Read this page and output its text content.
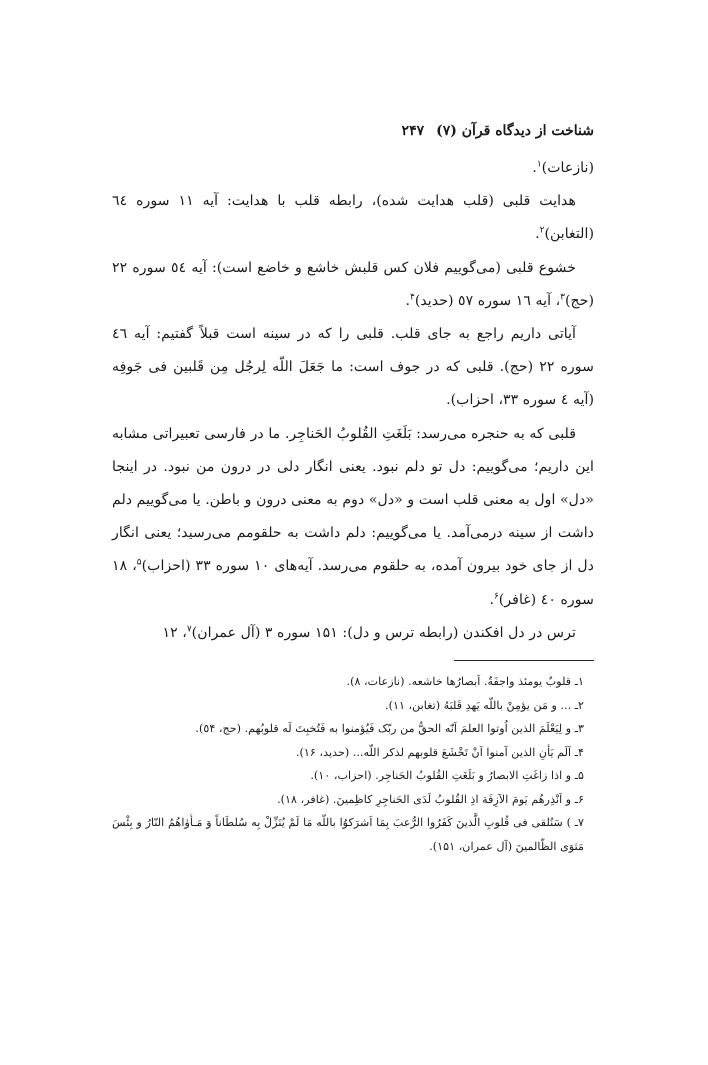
شناخت از دیدگاه قرآن (۷)
۲۴۷

(نازعات)$^۱$.

هدایت قلبی (قلب هدایت شده)، رابطه قلب با هدایت: آیه ۱۱ سوره ٦٤ (التغابن)$^۲$.

خشوع قلبی (می‌گوییم فلان کس قلبش خاشع و خاضع است): آیه ٥٤ سوره ۲۲ (حج)$^۳$، آیه ۱٦ سوره ٥٧ (حدید)$^۴$.

آیاتی داریم راجع به جای قلب. قلبی را که در سینه است قبلاً گفتیم: آیه ٤٦ سوره ۲۲ (حج). قلبی که در جوف است: ما جَعَلَ اللّه لِرجُل مِن قَلبین فی جَوفِه (آیه ٤ سوره ۳۳، احزاب).

قلبی که به حنجره می‌رسد: بَلَغَتِ القُلوبُ الحَناجِر. ما در فارسی تعبیراتی مشابه این داریم؛ می‌گوییم: دل تو دلم نبود. یعنی انگار دلی در درون من نبود. در اینجا «دل» اول به معنی قلب است و «دل» دوم به معنی درون و باطن. یا می‌گوییم دلم داشت از سینه درمی‌آمد. یا می‌گوییم: دلم داشت به حلقومم می‌رسید؛ یعنی انگار دل از جای خود بیرون آمده، به حلقوم می‌رسد. آیه‌های ۱۰ سوره ۳۳ (احزاب)$^۵$، ۱۸ سوره ٤٠ (غافر)$^۶$.

ترس در دل افکندن (رابطه ترس و دل): ۱۵۱ سوره ۳ (آل عمران)$^۷$، ۱۲

۱ـ قلوبٌ یومئذ واجفَةٌ. اَبصارُها خاشعه. (نازعات، ۸).

۲ـ ... و مَن یؤمِنْ باللّه یَهدِ قَلبَهُ (تغابن، ۱۱).

۳ـ و لِیَعْلَمَ الذین اُوتوا العلمَ اَنّه الحقُّ من ربّک فَیُؤمنوا به فَتُخبِتَ لَه قلوبُهم. (حج، ٥۴).

۴ـ اَلَم یَأنِ الذین آمنوا اَنْ تَخْشَعَ قلوبهم لذکر اللّه... (حدید، ۱۶).

۵ـ و اذا زاغَتِ الابصارُ و بَلَغَتِ القُلوبُ الحَناجِر. (احزاب، ۱۰).

۶ـ و اَنْذِرهُم یَومَ الآزِفَة اذِ القُلوبُ لَدَی الحَناجِرِ کاظِمینَ. (غافر، ۱۸).

۷ـ ) سَنُلقی فی قُلوبِ الَّذینَ کَفَرُوا الرُّعبَ بِمَا اَشرَکوُا باللّه مَا لَمْ یُنَزِّلْ بِه سُلطَاناً وَ مَـأوٰاهُمُ النّارُ و بِئْسَ مَثوَی الظّالمینَ (آل عمران، ۱۵۱).
